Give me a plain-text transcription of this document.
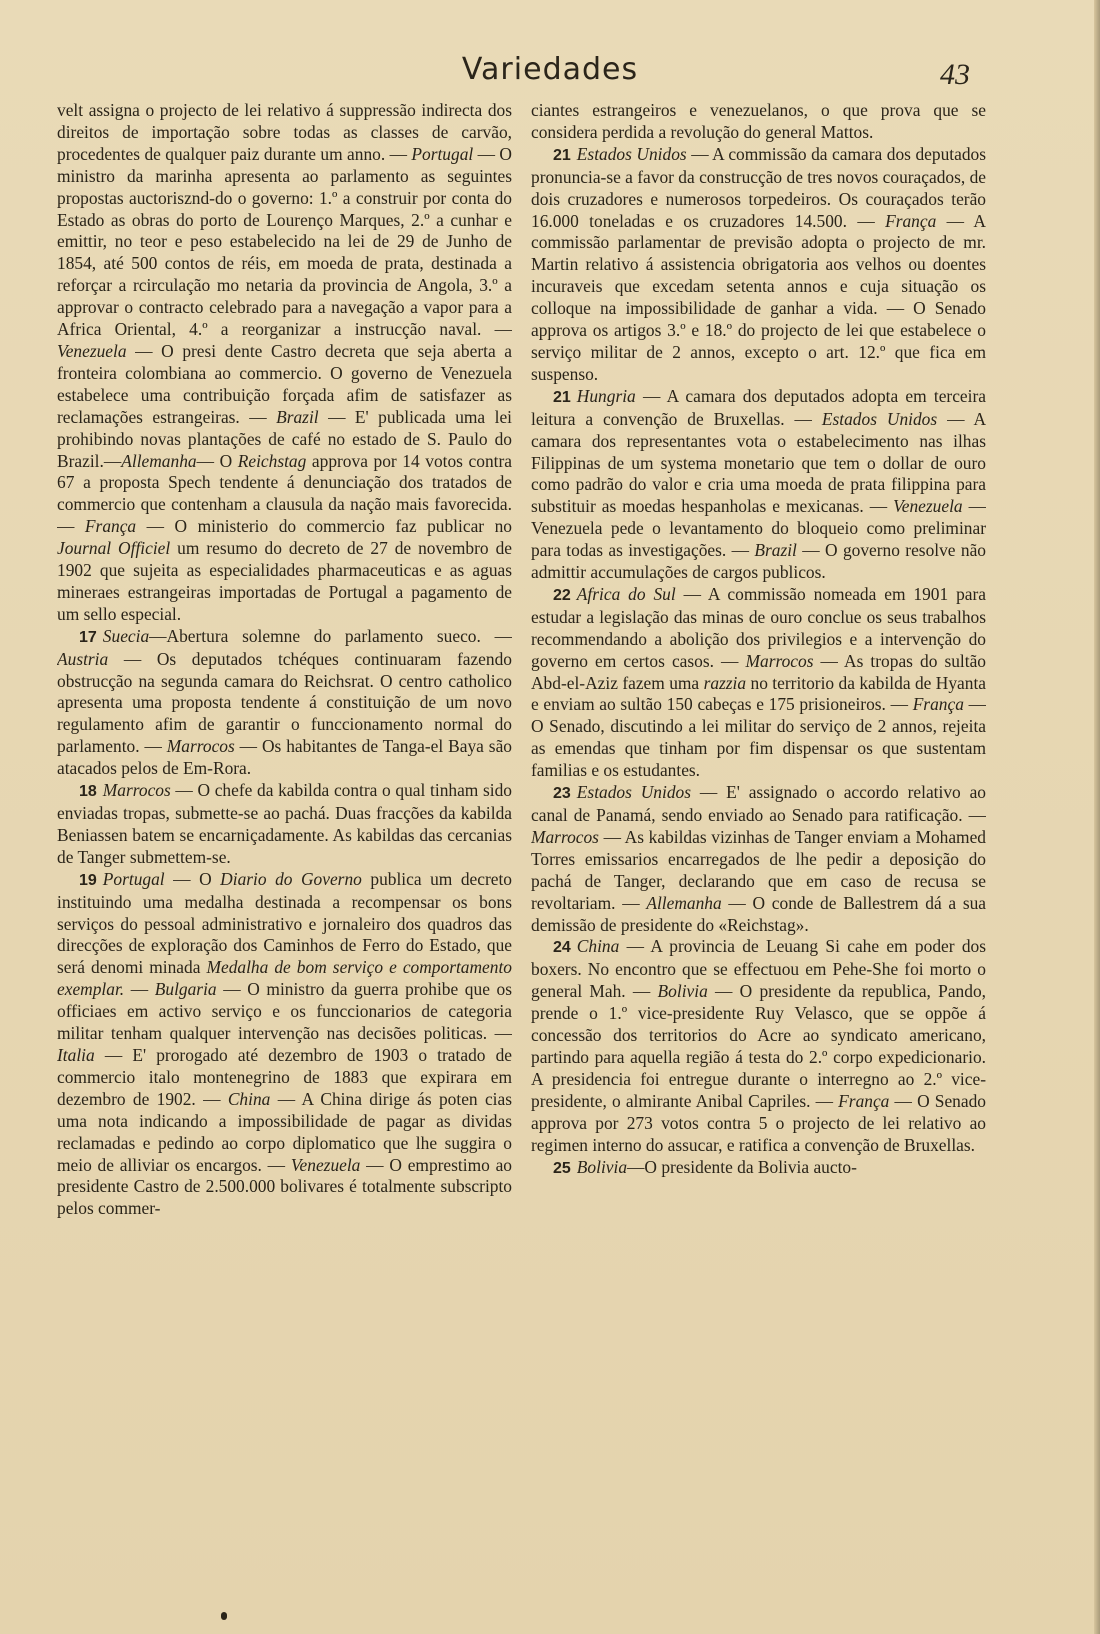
Variedades	43

velt assigna o projecto de lei relativo á suppressão indirecta dos direitos de importação sobre todas as classes de carvão, procedentes de qualquer paiz durante um anno. — Portugal — O ministro da marinha apresenta ao parlamento as seguintes propostas auctorisznd-do o governo: 1.º a construir por conta do Estado as obras do porto de Lourenço Marques, 2.º a cunhar e emittir, no teor e peso estabelecido na lei de 29 de Junho de 1854, até 500 contos de réis, em moeda de prata, destinada a reforçar a rcirculação mo netaria da provincia de Angola, 3.º a approvar o contracto celebrado para a navegação a vapor para a Africa Oriental, 4.º a reorganizar a instrucção naval. — Venezuela — O presi dente Castro decreta que seja aberta a fronteira colombiana ao commercio. O governo de Venezuela estabelece uma contribuição forçada afim de satisfazer as reclamações estrangeiras. — Brazil — E' publicada uma lei prohibindo novas plantações de café no estado de S. Paulo do Brazil.—Allemanha— O Reichstag approva por 14 votos contra 67 a proposta Spech tendente á denunciação dos tratados de commercio que contenham a clausula da nação mais favorecida. — França — O ministerio do commercio faz publicar no Journal Officiel um resumo do decreto de 27 de novembro de 1902 que sujeita as especialidades pharmaceuticas e as aguas mineraes estrangeiras importadas de Portugal a pagamento de um sello especial.

17 Suecia—Abertura solemne do parlamento sueco. — Austria — Os deputados tchéques continuaram fazendo obstrucção na segunda camara do Reichsrat. O centro catholico apresenta uma proposta tendente á constituição de um novo regulamento afim de garantir o funccionamento normal do parlamento. — Marrocos — Os habitantes de Tanga-el Baya são atacados pelos de Em-Rora.

18 Marrocos — O chefe da kabilda contra o qual tinham sido enviadas tropas, submette-se ao pachá. Duas fracções da kabilda Beniassen batem se encarniçadamente. As kabildas das cercanias de Tanger submettem-se.

19 Portugal — O Diario do Governo publica um decreto instituindo uma medalha destinada a recompensar os bons serviços do pessoal administrativo e jornaleiro dos quadros das direcções de exploração dos Caminhos de Ferro do Estado, que será denomi minada Medalha de bom serviço e comportamento exemplar. — Bulgaria — O ministro da guerra prohibe que os officiaes em activo serviço e os funccionarios de categoria militar tenham qualquer intervenção nas decisões politicas. — Italia — E' prorogado até dezembro de 1903 o tratado de commercio italo montenegrino de 1883 que expirara em dezembro de 1902. — China — A China dirige ás poten cias uma nota indicando a impossibilidade de pagar as dividas reclamadas e pedindo ao corpo diplomatico que lhe suggira o meio de alliviar os encargos. — Venezuela — O emprestimo ao presidente Castro de 2.500.000 bolivares é totalmente subscripto pelos commer-

ciantes estrangeiros e venezuelanos, o que prova que se considera perdida a revolução do general Mattos.

21 Estados Unidos — A commissão da camara dos deputados pronuncia-se a favor da construcção de tres novos couraçados, de dois cruzadores e numerosos torpedeiros. Os couraçados terão 16.000 toneladas e os cruzadores 14.500. — França — A commissão parlamentar de previsão adopta o projecto de mr. Martin relativo á assistencia obrigatoria aos velhos ou doentes incuraveis que excedam setenta annos e cuja situação os colloque na impossibilidade de ganhar a vida. — O Senado approva os artigos 3.º e 18.º do projecto de lei que estabelece o serviço militar de 2 annos, excepto o art. 12.º que fica em suspenso.

21 Hungria — A camara dos deputados adopta em terceira leitura a convenção de Bruxellas. — Estados Unidos — A camara dos representantes vota o estabelecimento nas ilhas Filippinas de um systema monetario que tem o dollar de ouro como padrão do valor e cria uma moeda de prata filippina para substituir as moedas hespanholas e mexicanas. — Venezuela — Venezuela pede o levantamento do bloqueio como preliminar para todas as investigações. — Brazil — O governo resolve não admittir accumulações de cargos publicos.

22 Africa do Sul — A commissão nomeada em 1901 para estudar a legislação das minas de ouro conclue os seus trabalhos recommendando a abolição dos privilegios e a intervenção do governo em certos casos. — Marrocos — As tropas do sultão Abd-el-Aziz fazem uma razzia no territorio da kabilda de Hyanta e enviam ao sultão 150 cabeças e 175 prisioneiros. — França — O Senado, discutindo a lei militar do serviço de 2 annos, rejeita as emendas que tinham por fim dispensar os que sustentam familias e os estudantes.

23 Estados Unidos — E' assignado o accordo relativo ao canal de Panamá, sendo enviado ao Senado para ratificação. — Marrocos — As kabildas vizinhas de Tanger enviam a Mohamed Torres emissarios encarregados de lhe pedir a deposição do pachá de Tanger, declarando que em caso de recusa se revoltariam. — Allemanha — O conde de Ballestrem dá a sua demissão de presidente do «Reichstag».

24 China — A provincia de Leuang Si cahe em poder dos boxers. No encontro que se effectuou em Pehe-She foi morto o general Mah. — Bolivia — O presidente da republica, Pando, prende o 1.º vice-presidente Ruy Velasco, que se oppõe á concessão dos territorios do Acre ao syndicato americano, partindo para aquella região á testa do 2.º corpo expedicionario. A presidencia foi entregue durante o interregno ao 2.º vice-presidente, o almirante Anibal Capriles. — França — O Senado approva por 273 votos contra 5 o projecto de lei relativo ao regimen interno do assucar, e ratifica a convenção de Bruxellas.

25 Bolivia—O presidente da Bolivia aucto-
